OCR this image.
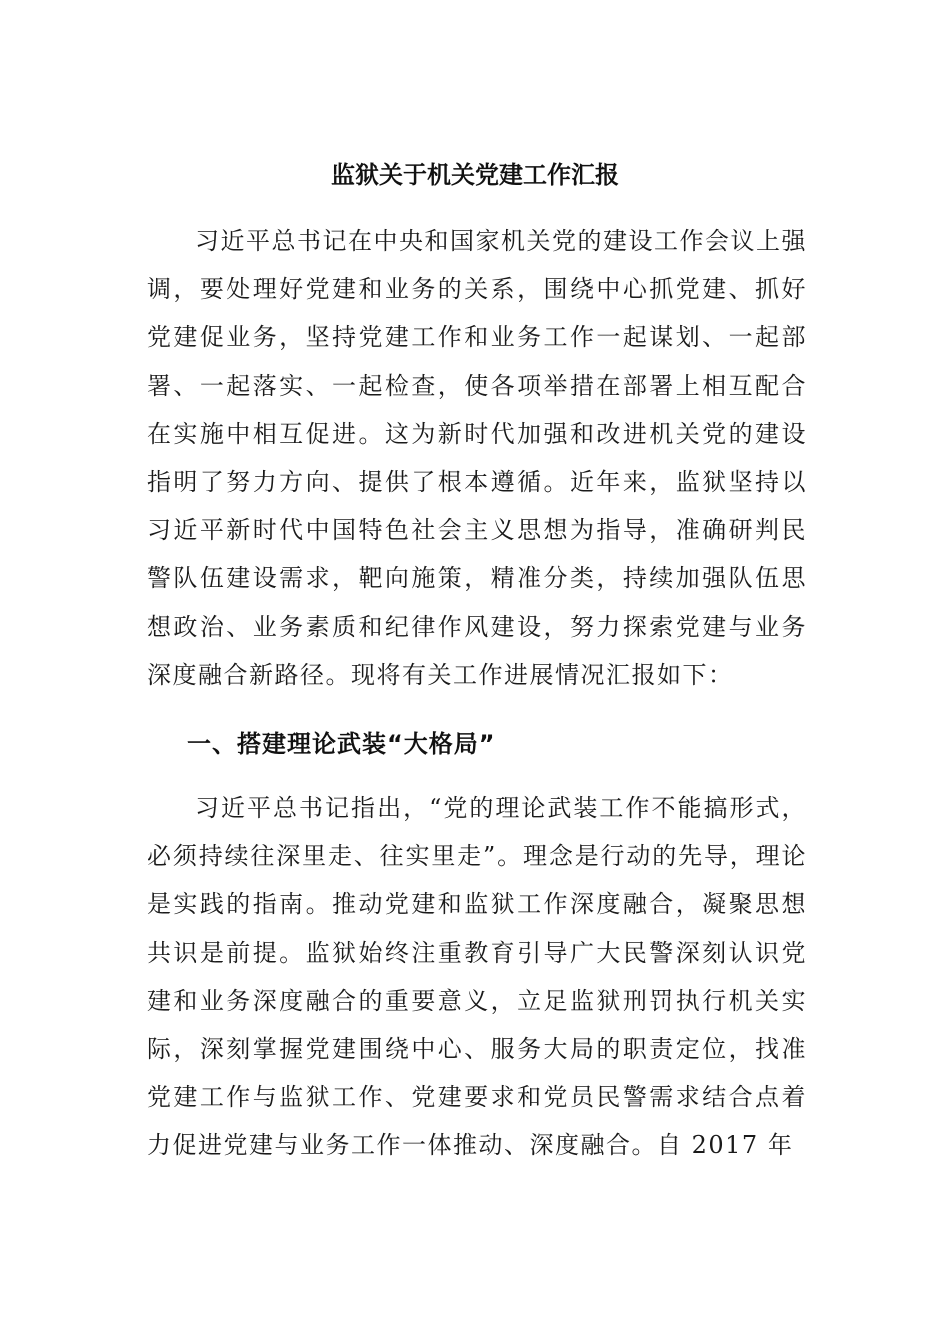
监狱关于机关党建工作汇报

习近平总书记在中央和国家机关党的建设工作会议上强调，要处理好党建和业务的关系，围绕中心抓党建、抓好党建促业务，坚持党建工作和业务工作一起谋划、一起部署、一起落实、一起检查，使各项举措在部署上相互配合在实施中相互促进。这为新时代加强和改进机关党的建设指明了努力方向、提供了根本遵循。近年来，监狱坚持以习近平新时代中国特色社会主义思想为指导，准确研判民警队伍建设需求，靶向施策，精准分类，持续加强队伍思想政治、业务素质和纪律作风建设，努力探索党建与业务深度融合新路径。现将有关工作进展情况汇报如下：

一、搭建理论武装“大格局”

习近平总书记指出，“党的理论武装工作不能搞形式，必须持续往深里走、往实里走”。理念是行动的先导，理论是实践的指南。推动党建和监狱工作深度融合，凝聚思想共识是前提。监狱始终注重教育引导广大民警深刻认识党建和业务深度融合的重要意义，立足监狱刑罚执行机关实际，深刻掌握党建围绕中心、服务大局的职责定位，找准党建工作与监狱工作、党建要求和党员民警需求结合点着力促进党建与业务工作一体推动、深度融合。自 2017 年
